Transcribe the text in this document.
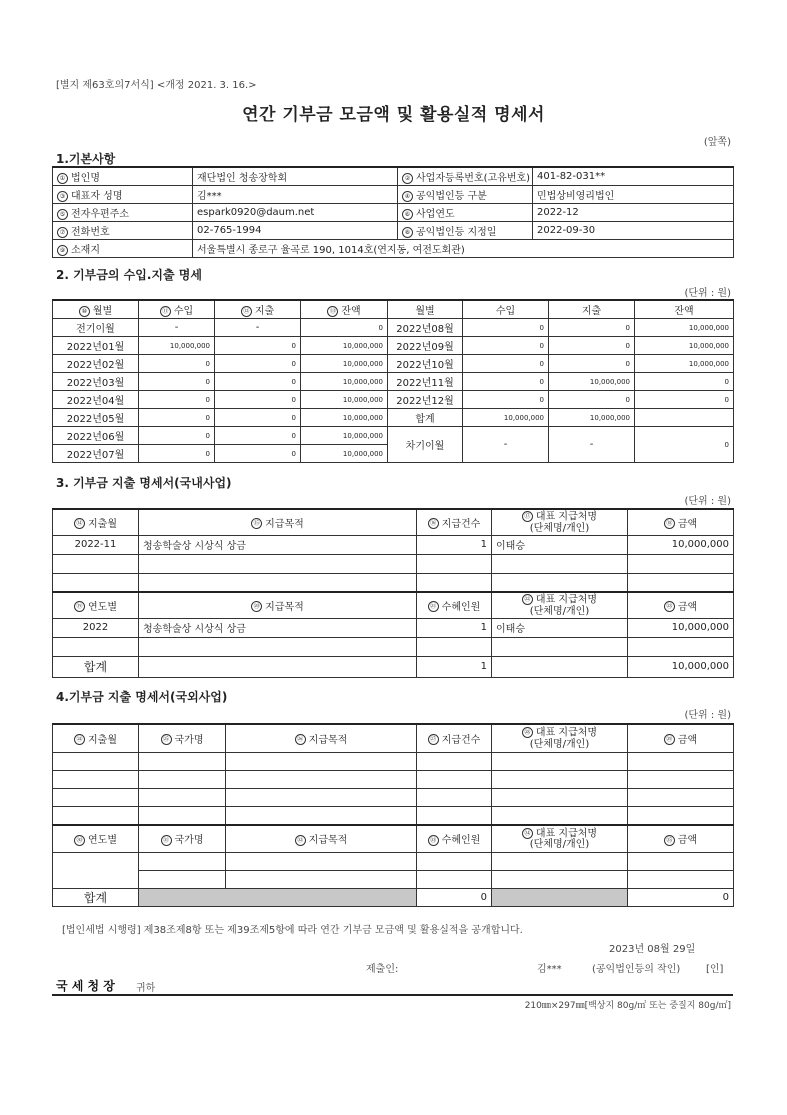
[별지 제63호의7서식] <개정 2021. 3. 16.>
연간 기부금 모금액 및 활용실적 명세서
(앞쪽)
1.기본사항
① 법인명	재단법인 청송장학회	② 사업자등록번호(고유번호)	401-82-031**
③ 대표자 성명	김***	④ 공익법인등 구분	민법상비영리법인
⑤ 전자우편주소	espark0920@daum.net	⑥ 사업연도	2022-12
⑦ 전화번호	02-765-1994	⑧ 공익법인등 지정일	2022-09-30
⑨ 소재지	서울특별시 종로구 율곡로 190, 1014호(연지동, 여전도회관)		
2. 기부금의 수입.지출 명세
(단위 : 원)
⑩ 월별	⑪ 수입	⑫ 지출	⑬ 잔액	월별	수입	지출	잔액
전기이월	-	-	0	2022년08월	0	0	10,000,000
2022년01월	10,000,000	0	10,000,000	2022년09월	0	0	10,000,000
2022년02월	0	0	10,000,000	2022년10월	0	0	10,000,000
2022년03월	0	0	10,000,000	2022년11월	0	10,000,000	0
2022년04월	0	0	10,000,000	2022년12월	0	0	0
2022년05월	0	0	10,000,000	합계	10,000,000	10,000,000	
2022년06월	0	0	10,000,000	차기이월	-	-	0
2022년07월	0	0	10,000,000				
3. 기부금 지출 명세서(국내사업)
(단위 : 원)
⑭ 지출월	⑮ 지급목적	⑯ 지급건수	⑰ 대표 지급처명
(단체명/개인)	⑱ 금액
2022-11	청송학술상 시상식 상금	1	이태승	10,000,000

⑲ 연도별	⑳ 지급목적	㉑ 수혜인원	㉒ 대표 지급처명
(단체명/개인)	㉓ 금액
2022	청송학술상 시상식 상금	1	이태승	10,000,000

합계		1		10,000,000
4.기부금 지출 명세서(국외사업)
(단위 : 원)
㉔ 지출월	㉕ 국가명	㉖ 지급목적	㉗ 지급건수	㉘ 대표 지급처명
(단체명/개인)	㉙ 금액

㉚ 연도별	㉛ 국가명	㉜ 지급목적	㉝ 수혜인원	㉞ 대표 지급처명
(단체명/개인)	㉟ 금액

합계			0		0
[법인세법 시행령] 제38조제8항 또는 제39조제5항에 따라 연간 기부금 모금액 및 활용실적을 공개합니다.
2023년 08월 29일
제출인:	김***	(공익법인등의 작인)	[인]
국 세 청 장 귀하
210㎜×297㎜[백상지 80g/㎡ 또는 중질지 80g/㎡]
